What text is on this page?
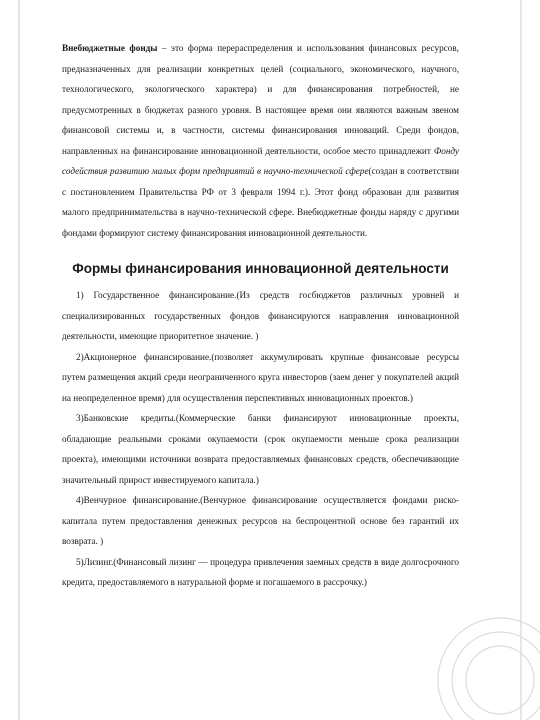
Внебюджетные фонды – это форма перераспределения и использования финансовых ресурсов, предназначенных для реализации конкретных целей (социального, экономического, научного, технологического, экологического характера) и для финансирования потребностей, не предусмотренных в бюджетах разного уровня. В настоящее время они являются важным звеном финансовой системы и, в частности, системы финансирования инноваций. Среди фондов, направленных на финансирование инновационной деятельности, особое место принадлежит Фонду содействия развитию малых форм предприятий в научно-технической сфере(создан в соответствии с постановлением Правительства РФ от 3 февраля 1994 г.). Этот фонд образован для развития малого предпринимательства в научно-технической сфере. Внебюджетные фонды наряду с другими фондами формируют систему финансирования инновационной деятельности.

Формы финансирования инновационной деятельности

1) Государственное финансирование.(Из средств госбюджетов различных уровней и специализированных государственных фондов финансируются направления инновационной деятельности, имеющие приоритетное значение. )

2)Акционерное финансирование.(позволяет аккумулировать крупные финансовые ресурсы путем размещения акций среди неограниченного круга инвесторов (заем денег у покупателей акций на неопределенное время) для осуществления перспективных инновационных проектов.)

3)Банковские кредиты.(Коммерческие банки финансируют инновационные проекты, обладающие реальными сроками окупаемости (срок окупаемости меньше срока реализации проекта), имеющими источники возврата предоставляемых финансовых средств, обеспечивающие значительный прирост инвестируемого капитала.)

4)Венчурное финансирование.(Венчурное финансирование осуществляется фондами риско-капитала путем предоставления денежных ресурсов на беспроцентной основе без гарантий их возврата. )

5)Лизинг.(Финансовый лизинг — процедура привлечения заемных средств в виде долгосрочного кредита, предоставляемого в натуральной форме и погашаемого в рассрочку.)
